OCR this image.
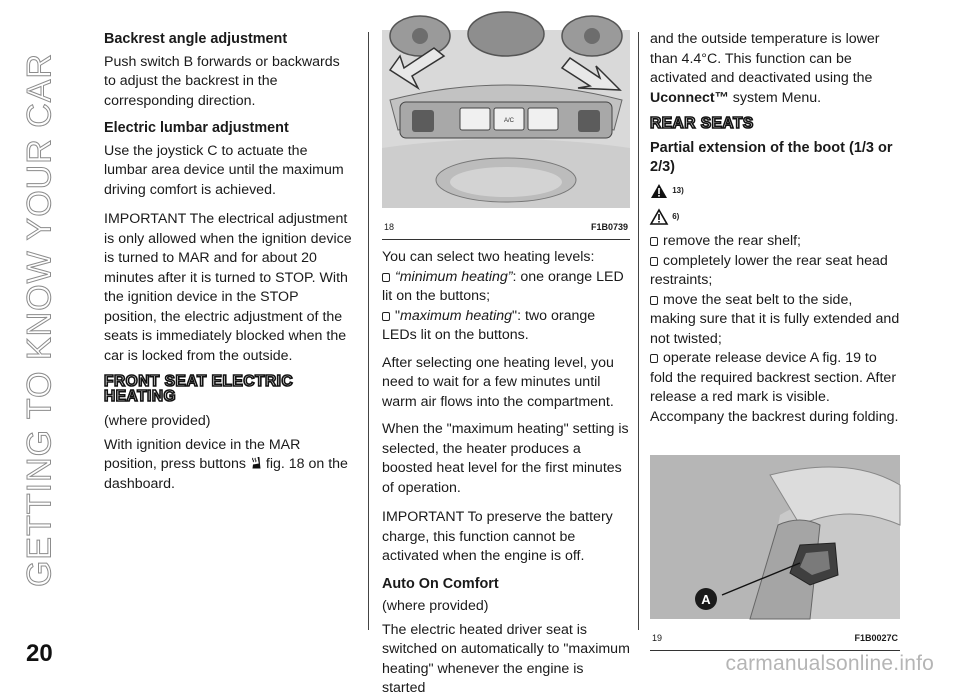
GETTING TO KNOW YOUR CAR
Backrest angle adjustment
Push switch B forwards or backwards to adjust the backrest in the corresponding direction.
Electric lumbar adjustment
Use the joystick C to actuate the lumbar area device until the maximum driving comfort is achieved.
IMPORTANT The electrical adjustment is only allowed when the ignition device is turned to MAR and for about 20 minutes after it is turned to STOP. With the ignition device in the STOP position, the electric adjustment of the seats is immediately blocked when the car is locked from the outside.
FRONT SEAT ELECTRIC HEATING
(where provided)
With ignition device in the MAR position, press buttons fig. 18 on the dashboard.
A/C
18	F1B0739
You can select two heating levels:
“minimum heating”: one orange LED lit on the buttons;
"maximum heating": two orange LEDs lit on the buttons.
After selecting one heating level, you need to wait for a few minutes until warm air flows into the compartment.
When the "maximum heating" setting is selected, the heater produces a boosted heat level for the first minutes of operation.
IMPORTANT To preserve the battery charge, this function cannot be activated when the engine is off.
Auto On Comfort
(where provided)
The electric heated driver seat is switched on automatically to "maximum heating" whenever the engine is started
and the outside temperature is lower than 4.4°C. This function can be activated and deactivated using the Uconnect™ system Menu.
REAR SEATS
Partial extension of the boot (1/3 or 2/3)
13)
6)
remove the rear shelf;
completely lower the rear seat head restraints;
move the seat belt to the side, making sure that it is fully extended and not twisted;
operate release device A fig. 19 to fold the required backrest section. After release a red mark is visible.
Accompany the backrest during folding.
A
19	F1B0027C
20	carmanualsonline.info
